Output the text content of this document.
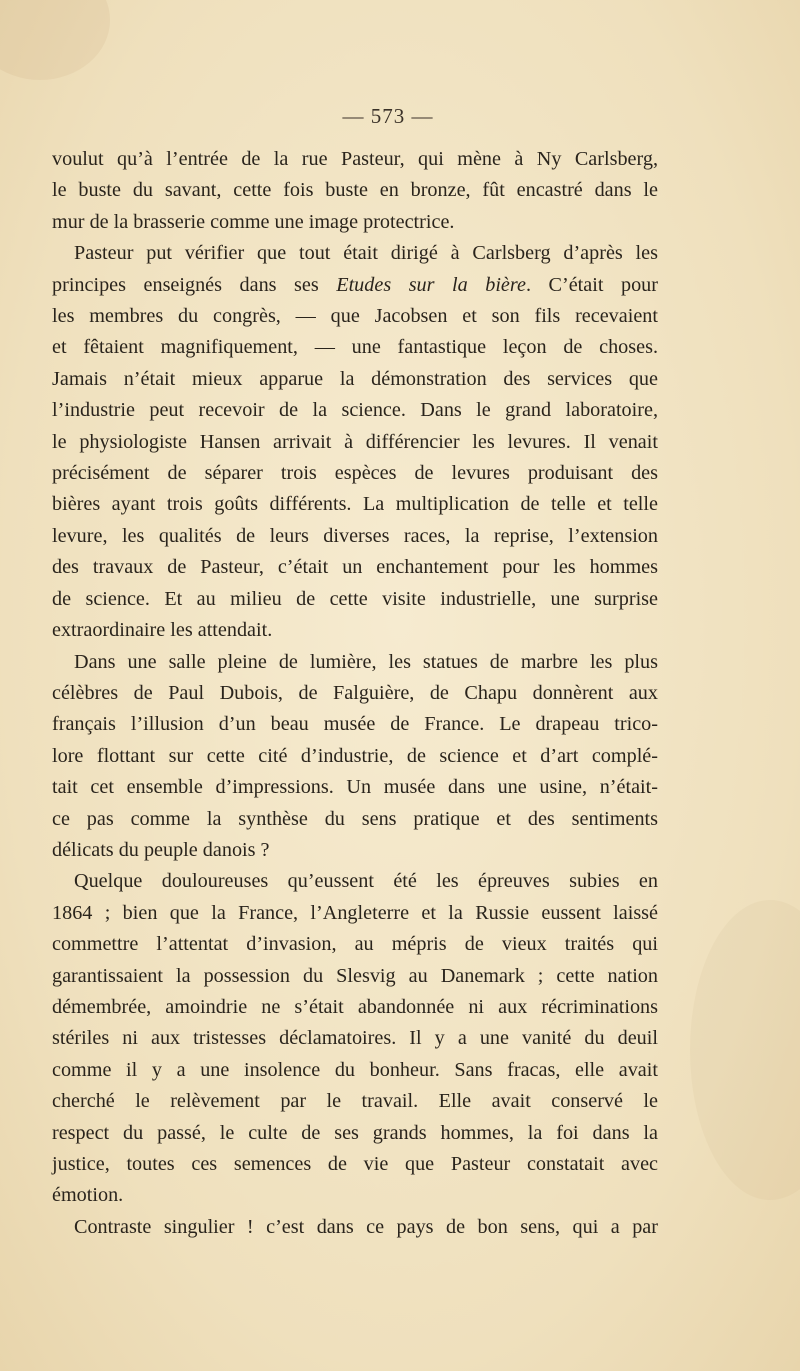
— 573 —
voulut qu’à l’entrée de la rue Pasteur, qui mène à Ny Carlsberg,
le buste du savant, cette fois buste en bronze, fût encastré dans le
mur de la brasserie comme une image protectrice.
Pasteur put vérifier que tout était dirigé à Carlsberg d’après les
principes enseignés dans ses Etudes sur la bière. C’était pour
les membres du congrès, — que Jacobsen et son fils recevaient
et fêtaient magnifiquement, — une fantastique leçon de choses.
Jamais n’était mieux apparue la démonstration des services que
l’industrie peut recevoir de la science. Dans le grand laboratoire,
le physiologiste Hansen arrivait à différencier les levures. Il venait
précisément de séparer trois espèces de levures produisant des
bières ayant trois goûts différents. La multiplication de telle et telle
levure, les qualités de leurs diverses races, la reprise, l’extension
des travaux de Pasteur, c’était un enchantement pour les hommes
de science. Et au milieu de cette visite industrielle, une surprise
extraordinaire les attendait.
Dans une salle pleine de lumière, les statues de marbre les plus
célèbres de Paul Dubois, de Falguière, de Chapu donnèrent aux
français l’illusion d’un beau musée de France. Le drapeau trico-
lore flottant sur cette cité d’industrie, de science et d’art complé-
tait cet ensemble d’impressions. Un musée dans une usine, n’était-
ce pas comme la synthèse du sens pratique et des sentiments
délicats du peuple danois ?
Quelque douloureuses qu’eussent été les épreuves subies en
1864 ; bien que la France, l’Angleterre et la Russie eussent laissé
commettre l’attentat d’invasion, au mépris de vieux traités qui
garantissaient la possession du Slesvig au Danemark ; cette nation
démembrée, amoindrie ne s’était abandonnée ni aux récriminations
stériles ni aux tristesses déclamatoires. Il y a une vanité du deuil
comme il y a une insolence du bonheur. Sans fracas, elle avait
cherché le relèvement par le travail. Elle avait conservé le
respect du passé, le culte de ses grands hommes, la foi dans la
justice, toutes ces semences de vie que Pasteur constatait avec
émotion.
Contraste singulier ! c’est dans ce pays de bon sens, qui a par
